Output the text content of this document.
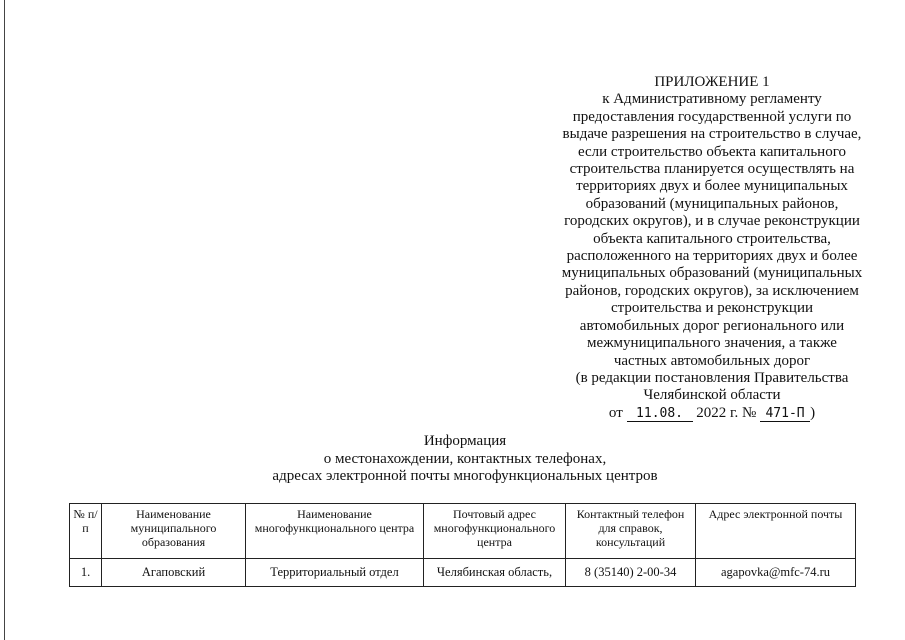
ПРИЛОЖЕНИЕ 1
к Административному регламенту
предоставления государственной услуги по
выдаче разрешения на строительство в случае,
если строительство объекта капитального
строительства планируется осуществлять на
территориях двух и более муниципальных
образований (муниципальных районов,
городских округов), и в случае реконструкции
объекта капитального строительства,
расположенного на территориях двух и более
муниципальных образований (муниципальных
районов, городских округов), за исключением
строительства и реконструкции
автомобильных дорог регионального или
межмуниципального значения, а также
частных автомобильных дорог
(в редакции постановления Правительства
Челябинской области
от 11.08. 2022 г. № 471-П )
Информация
о местонахождении, контактных телефонах,
адресах электронной почты многофункциональных центров
№ п/п	Наименование муниципального образования	Наименование многофункционального центра	Почтовый адрес многофункционального центра	Контактный телефон для справок, консультаций	Адрес электронной почты
1.	Агаповский	Территориальный отдел	Челябинская область,	8 (35140) 2-00-34	agapovka@mfc-74.ru
